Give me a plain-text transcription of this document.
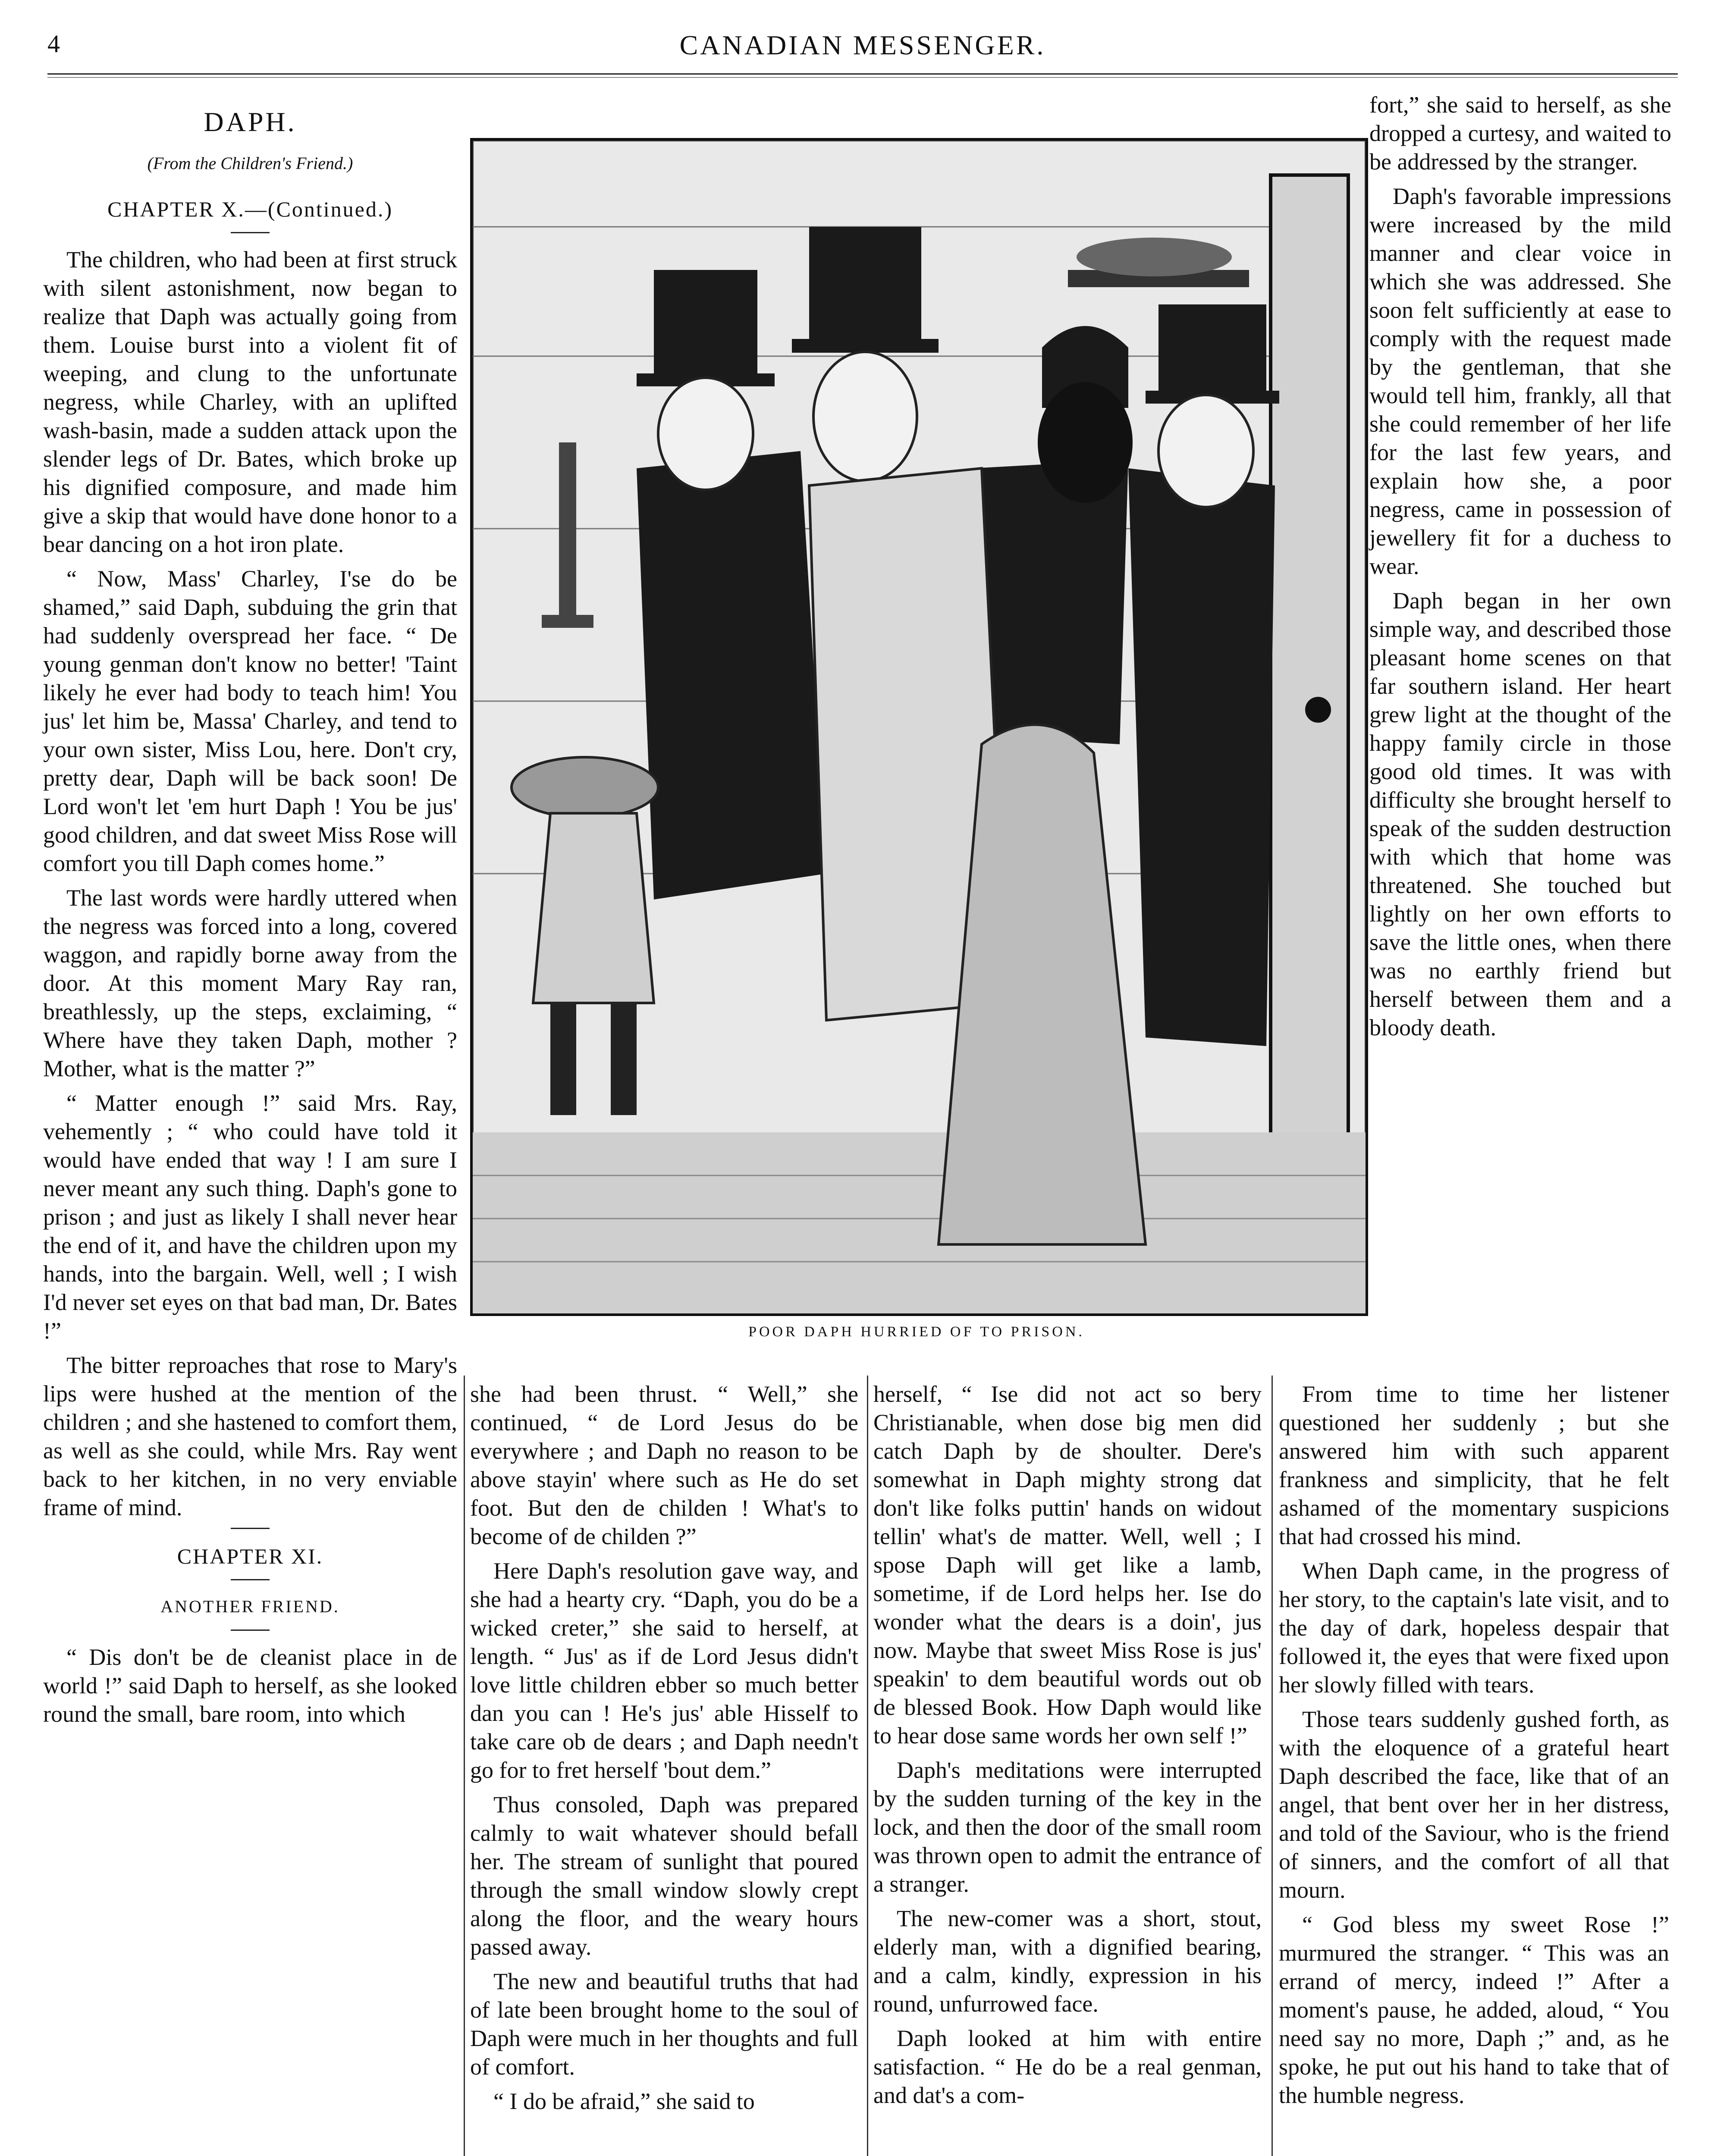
4	CANADIAN MESSENGER.
DAPH.
(From the Children's Friend.)
CHAPTER X.—(Continued.)

The children, who had been at first struck with silent astonishment, now began to realize that Daph was actually going from them. Louise burst into a violent fit of weeping, and clung to the unfortunate negress, while Charley, with an uplifted wash-basin, made a sudden attack upon the slender legs of Dr. Bates, which broke up his dignified composure, and made him give a skip that would have done honor to a bear dancing on a hot iron plate.

“ Now, Mass' Charley, I'se do be shamed,” said Daph, subduing the grin that had suddenly overspread her face. “ De young genman don't know no better! 'Taint likely he ever had body to teach him! You jus' let him be, Massa' Charley, and tend to your own sister, Miss Lou, here. Don't cry, pretty dear, Daph will be back soon! De Lord won't let 'em hurt Daph ! You be jus' good children, and dat sweet Miss Rose will comfort you till Daph comes home.”

The last words were hardly uttered when the negress was forced into a long, covered waggon, and rapidly borne away from the door. At this moment Mary Ray ran, breathlessly, up the steps, exclaiming, “ Where have they taken Daph, mother ? Mother, what is the matter ?”

“ Matter enough !” said Mrs. Ray, vehemently ; “ who could have told it would have ended that way ! I am sure I never meant any such thing. Daph's gone to prison ; and just as likely I shall never hear the end of it, and have the children upon my hands, into the bargain. Well, well ; I wish I'd never set eyes on that bad man, Dr. Bates !”

The bitter reproaches that rose to Mary's lips were hushed at the mention of the children ; and she hastened to comfort them, as well as she could, while Mrs. Ray went back to her kitchen, in no very enviable frame of mind.

CHAPTER XI.
ANOTHER FRIEND.

“ Dis don't be de cleanist place in de world !” said Daph to herself, as she looked round the small, bare room, into which

POOR DAPH HURRIED OF TO PRISON.

she had been thrust. “ Well,” she continued, “ de Lord Jesus do be everywhere ; and Daph no reason to be above stayin' where such as He do set foot. But den de childen ! What's to become of de childen ?”

Here Daph's resolution gave way, and she had a hearty cry. “Daph, you do be a wicked creter,” she said to herself, at length. “ Jus' as if de Lord Jesus didn't love little children ebber so much better dan you can ! He's jus' able Hisself to take care ob de dears ; and Daph needn't go for to fret herself 'bout dem.”

Thus consoled, Daph was prepared calmly to wait whatever should befall her. The stream of sunlight that poured through the small window slowly crept along the floor, and the weary hours passed away.

The new and beautiful truths that had of late been brought home to the soul of Daph were much in her thoughts and full of comfort.

“ I do be afraid,” she said to

herself, “ Ise did not act so bery Christianable, when dose big men did catch Daph by de shoulter. Dere's somewhat in Daph mighty strong dat don't like folks puttin' hands on widout tellin' what's de matter. Well, well ; I spose Daph will get like a lamb, sometime, if de Lord helps her. Ise do wonder what the dears is a doin', jus now. Maybe that sweet Miss Rose is jus' speakin' to dem beautiful words out ob de blessed Book. How Daph would like to hear dose same words her own self !”

Daph's meditations were interrupted by the sudden turning of the key in the lock, and then the door of the small room was thrown open to admit the entrance of a stranger.

The new-comer was a short, stout, elderly man, with a dignified bearing, and a calm, kindly, expression in his round, unfurrowed face.

Daph looked at him with entire satisfaction. “ He do be a real genman, and dat's a com-

fort,” she said to herself, as she dropped a curtesy, and waited to be addressed by the stranger.

Daph's favorable impressions were increased by the mild manner and clear voice in which she was addressed. She soon felt sufficiently at ease to comply with the request made by the gentleman, that she would tell him, frankly, all that she could remember of her life for the last few years, and explain how she, a poor negress, came in possession of jewellery fit for a duchess to wear.

Daph began in her own simple way, and described those pleasant home scenes on that far southern island. Her heart grew light at the thought of the happy family circle in those good old times. It was with difficulty she brought herself to speak of the sudden destruction with which that home was threatened. She touched but lightly on her own efforts to save the little ones, when there was no earthly friend but herself between them and a bloody death.

From time to time her listener questioned her suddenly ; but she answered him with such apparent frankness and simplicity, that he felt ashamed of the momentary suspicions that had crossed his mind.

When Daph came, in the progress of her story, to the captain's late visit, and to the day of dark, hopeless despair that followed it, the eyes that were fixed upon her slowly filled with tears.

Those tears suddenly gushed forth, as with the eloquence of a grateful heart Daph described the face, like that of an angel, that bent over her in her distress, and told of the Saviour, who is the friend of sinners, and the comfort of all that mourn.

“ God bless my sweet Rose !” murmured the stranger. “ This was an errand of mercy, indeed !” After a moment's pause, he added, aloud, “ You need say no more, Daph ;” and, as he spoke, he put out his hand to take that of the humble negress.
